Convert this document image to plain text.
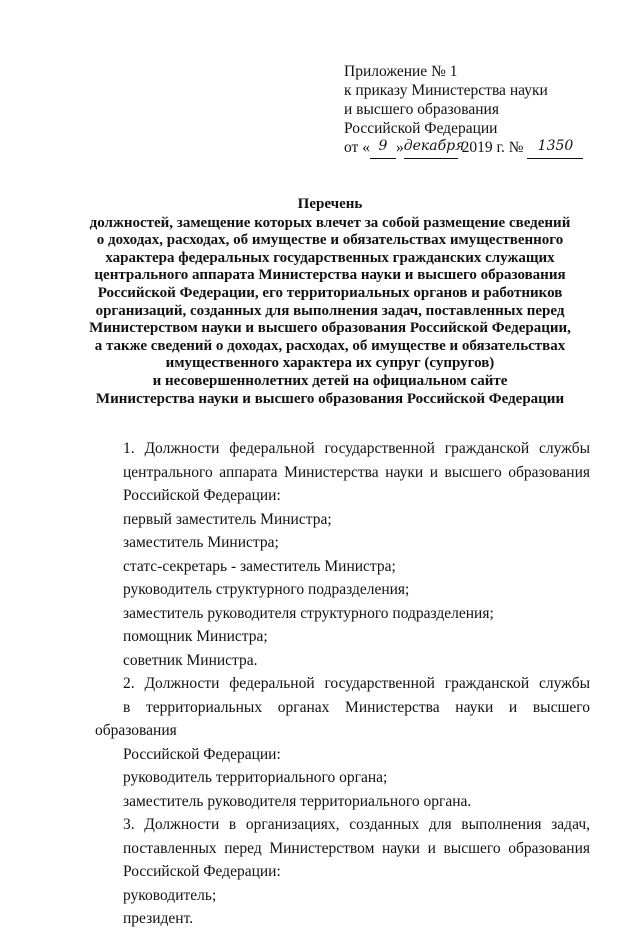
Приложение № 1
к приказу Министерства науки
и высшего образования
Российской Федерации
от « 9 »декабря 2019 г. № 1350
Перечень
должностей, замещение которых влечет за собой размещение сведений
о доходах, расходах, об имуществе и обязательствах имущественного
характера федеральных государственных гражданских служащих
центрального аппарата Министерства науки и высшего образования
Российской Федерации, его территориальных органов и работников
организаций, созданных для выполнения задач, поставленных перед
Министерством науки и высшего образования Российской Федерации,
а также сведений о доходах, расходах, об имуществе и обязательствах
имущественного характера их супруг (супругов)
и несовершеннолетних детей на официальном сайте
Министерства науки и высшего образования Российской Федерации

1. Должности федеральной государственной гражданской службы
центрального аппарата Министерства науки и высшего образования
Российской Федерации:

первый заместитель Министра;
заместитель Министра;
статс-секретарь - заместитель Министра;
руководитель структурного подразделения;
заместитель руководителя структурного подразделения;
помощник Министра;
советник Министра.

2. Должности федеральной государственной гражданской службы
в территориальных органах Министерства науки и высшего образования
Российской Федерации:

руководитель территориального органа;
заместитель руководителя территориального органа.

3. Должности в организациях, созданных для выполнения задач,
поставленных перед Министерством науки и высшего образования
Российской Федерации:

руководитель;
президент.
